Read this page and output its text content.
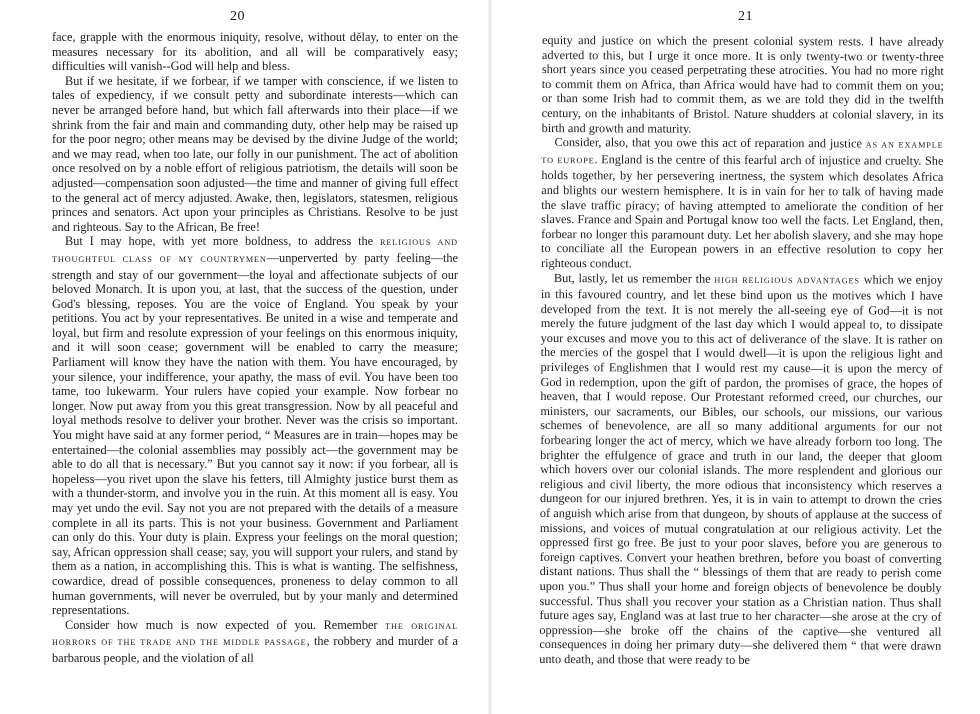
20

face, grapple with the enormous iniquity, resolve, without dělay, to enter on the measures necessary for its abolition, and all will be comparatively easy; difficulties will vanish--God will help and bless.

But if we hesitate, if we forbear, if we tamper with conscience, if we listen to tales of expediency, if we consult petty and subordinate interests—which can never be arranged before hand, but which fall afterwards into their place—if we shrink from the fair and main and commanding duty, other help may be raised up for the poor negro; other means may be devised by the divine Judge of the world; and we may read, when too late, our folly in our punishment. The act of abolition once resolved on by a noble effort of religious patriotism, the details will soon be adjusted—compensation soon adjusted—the time and manner of giving full effect to the general act of mercy adjusted. Awake, then, legislators, statesmen, religious princes and senators. Act upon your principles as Christians. Resolve to be just and righteous. Say to the African, Be free!

But I may hope, with yet more boldness, to address the RELIGIOUS AND THOUGHTFUL CLASS OF MY COUNTRYMEN—unperverted by party feeling—the strength and stay of our government—the loyal and affectionate subjects of our beloved Monarch. It is upon you, at last, that the success of the question, under God's blessing, reposes. You are the voice of England. You speak by your petitions. You act by your representatives. Be united in a wise and temperate and loyal, but firm and resolute expression of your feelings on this enormous iniquity, and it will soon cease; government will be enabled to carry the measure; Parliament will know they have the nation with them. You have encouraged, by your silence, your indifference, your apathy, the mass of evil. You have been too tame, too lukewarm. Your rulers have copied your example. Now forbear no longer. Now put away from you this great transgression. Now by all peaceful and loyal methods resolve to deliver your brother. Never was the crisis so important. You might have said at any former period, “ Measures are in train—hopes may be entertained—the colonial assemblies may possibly act—the government may be able to do all that is necessary.” But you cannot say it now: if you forbear, all is hopeless—you rivet upon the slave his fetters, till Almighty justice burst them as with a thunder-storm, and involve you in the ruin. At this moment all is easy. You may yet undo the evil. Say not you are not prepared with the details of a measure complete in all its parts. This is not your business. Government and Parliament can only do this. Your duty is plain. Express your feelings on the moral question; say, African oppression shall cease; say, you will support your rulers, and stand by them as a nation, in accomplishing this. This is what is wanting. The selfishness, cowardice, dread of possible consequences, proneness to delay common to all human governments, will never be overruled, but by your manly and determined representations.

Consider how much is now expected of you. Remember THE ORIGINAL HORRORS OF THE TRADE AND THE MIDDLE PASSAGE, the robbery and murder of a barbarous people, and the violation of all

21

equity and justice on which the present colonial system rests. I have already adverted to this, but I urge it once more. It is only twenty-two or twenty-three short years since you ceased perpetrating these atrocities. You had no more right to commit them on Africa, than Africa would have had to commit them on you; or than some Irish had to commit them, as we are told they did in the twelfth century, on the inhabitants of Bristol. Nature shudders at colonial slavery, in its birth and growth and maturity.

Consider, also, that you owe this act of reparation and justice AS AN EXAMPLE TO EUROPE. England is the centre of this fearful arch of injustice and cruelty. She holds together, by her persevering inertness, the system which desolates Africa and blights our western hemisphere. It is in vain for her to talk of having made the slave traffic piracy; of having attempted to ameliorate the condition of her slaves. France and Spain and Portugal know too well the facts. Let England, then, forbear no longer this paramount duty. Let her abolish slavery, and she may hope to conciliate all the European powers in an effective resolution to copy her righteous conduct.

But, lastly, let us remember the HIGH RELIGIOUS ADVANTAGES which we enjoy in this favoured country, and let these bind upon us the motives which I have developed from the text. It is not merely the all-seeing eye of God—it is not merely the future judgment of the last day which I would appeal to, to dissipate your excuses and move you to this act of deliverance of the slave. It is rather on the mercies of the gospel that I would dwell—it is upon the religious light and privileges of Englishmen that I would rest my cause—it is upon the mercy of God in redemption, upon the gift of pardon, the promises of grace, the hopes of heaven, that I would repose. Our Protestant reformed creed, our churches, our ministers, our sacraments, our Bibles, our schools, our missions, our various schemes of benevolence, are all so many additional arguments for our not forbearing longer the act of mercy, which we have already forborn too long. The brighter the effulgence of grace and truth in our land, the deeper that gloom which hovers over our colonial islands. The more resplendent and glorious our religious and civil liberty, the more odious that inconsistency which reserves a dungeon for our injured brethren. Yes, it is in vain to attempt to drown the cries of anguish which arise from that dungeon, by shouts of applause at the success of missions, and voices of mutual congratulation at our religious activity. Let the oppressed first go free. Be just to your poor slaves, before you are generous to foreign captives. Convert your heathen brethren, before you boast of converting distant nations. Thus shall the “ blessings of them that are ready to perish come upon you.” Thus shall your home and foreign objects of benevolence be doubly successful. Thus shall you recover your station as a Christian nation. Thus shall future ages say, England was at last true to her character—she arose at the cry of oppression—she broke off the chains of the captive—she ventured all consequences in doing her primary duty—she delivered them “ that were drawn unto death, and those that were ready to be
